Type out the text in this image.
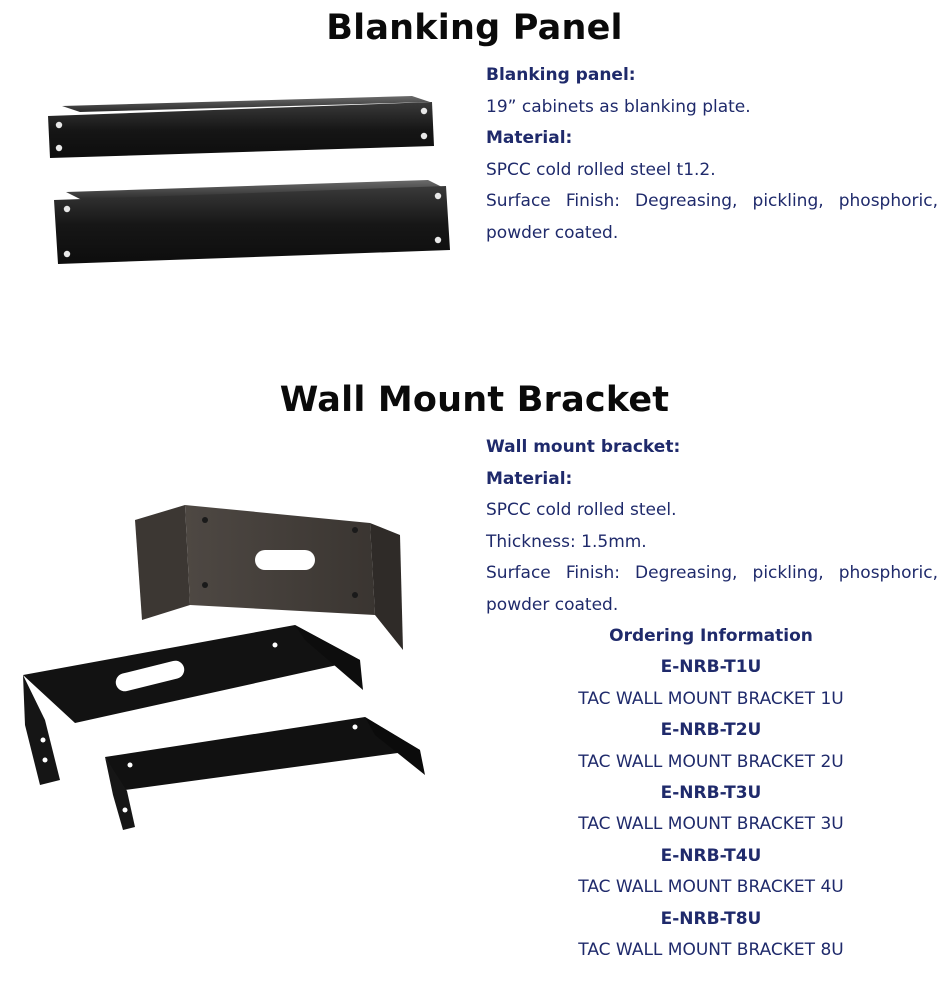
Blanking Panel
Blanking panel:
19” cabinets as blanking plate.
Material:
SPCC cold rolled steel t1.2.
Surface Finish: Degreasing, pickling, phosphoric,
powder coated.
Wall Mount Bracket
Wall mount bracket:
Material:
SPCC cold rolled steel.
Thickness: 1.5mm.
Surface Finish: Degreasing, pickling, phosphoric,
powder coated.
Ordering Information
E-NRB-T1U
TAC WALL MOUNT BRACKET 1U
E-NRB-T2U
TAC WALL MOUNT BRACKET 2U
E-NRB-T3U
TAC WALL MOUNT BRACKET 3U
E-NRB-T4U
TAC WALL MOUNT BRACKET 4U
E-NRB-T8U
TAC WALL MOUNT BRACKET 8U
